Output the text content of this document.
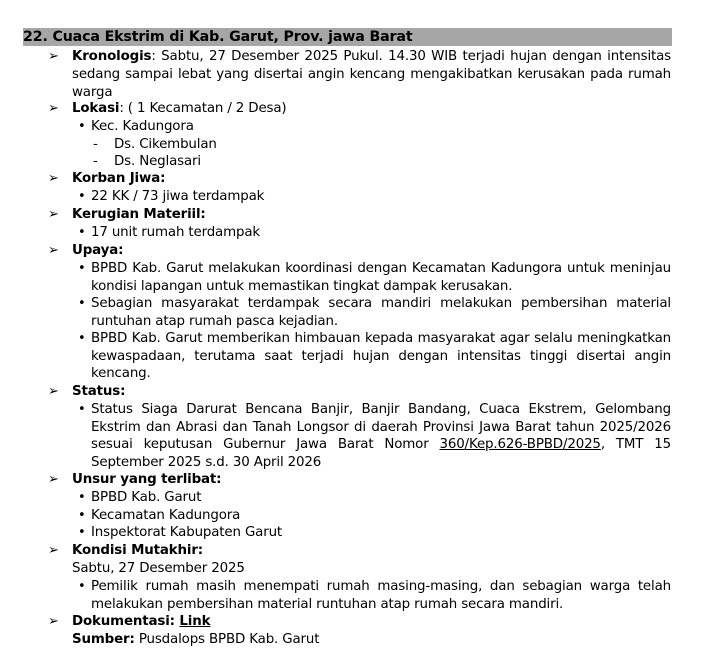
22. Cuaca Ekstrim di Kab. Garut, Prov. jawa Barat
➢ Kronologis: Sabtu, 27 Desember 2025 Pukul. 14.30 WIB terjadi hujan dengan intensitas sedang sampai lebat yang disertai angin kencang mengakibatkan kerusakan pada rumah warga
➢ Lokasi: ( 1 Kecamatan / 2 Desa)
• Kec. Kadungora
- Ds. Cikembulan
- Ds. Neglasari
➢ Korban Jiwa:
• 22 KK / 73 jiwa terdampak
➢ Kerugian Materiil:
• 17 unit rumah terdampak
➢ Upaya:
• BPBD Kab. Garut melakukan koordinasi dengan Kecamatan Kadungora untuk meninjau kondisi lapangan untuk memastikan tingkat dampak kerusakan.
• Sebagian masyarakat terdampak secara mandiri melakukan pembersihan material runtuhan atap rumah pasca kejadian.
• BPBD Kab. Garut memberikan himbauan kepada masyarakat agar selalu meningkatkan kewaspadaan, terutama saat terjadi hujan dengan intensitas tinggi disertai angin kencang.
➢ Status:
• Status Siaga Darurat Bencana Banjir, Banjir Bandang, Cuaca Ekstrem, Gelombang Ekstrim dan Abrasi dan Tanah Longsor di daerah Provinsi Jawa Barat tahun 2025/2026 sesuai keputusan Gubernur Jawa Barat Nomor 360/Kep.626-BPBD/2025, TMT 15 September 2025 s.d. 30 April 2026
➢ Unsur yang terlibat:
• BPBD Kab. Garut
• Kecamatan Kadungora
• Inspektorat Kabupaten Garut
➢ Kondisi Mutakhir:
Sabtu, 27 Desember 2025
• Pemilik rumah masih menempati rumah masing-masing, dan sebagian warga telah melakukan pembersihan material runtuhan atap rumah secara mandiri.
➢ Dokumentasi: Link
Sumber: Pusdalops BPBD Kab. Garut
